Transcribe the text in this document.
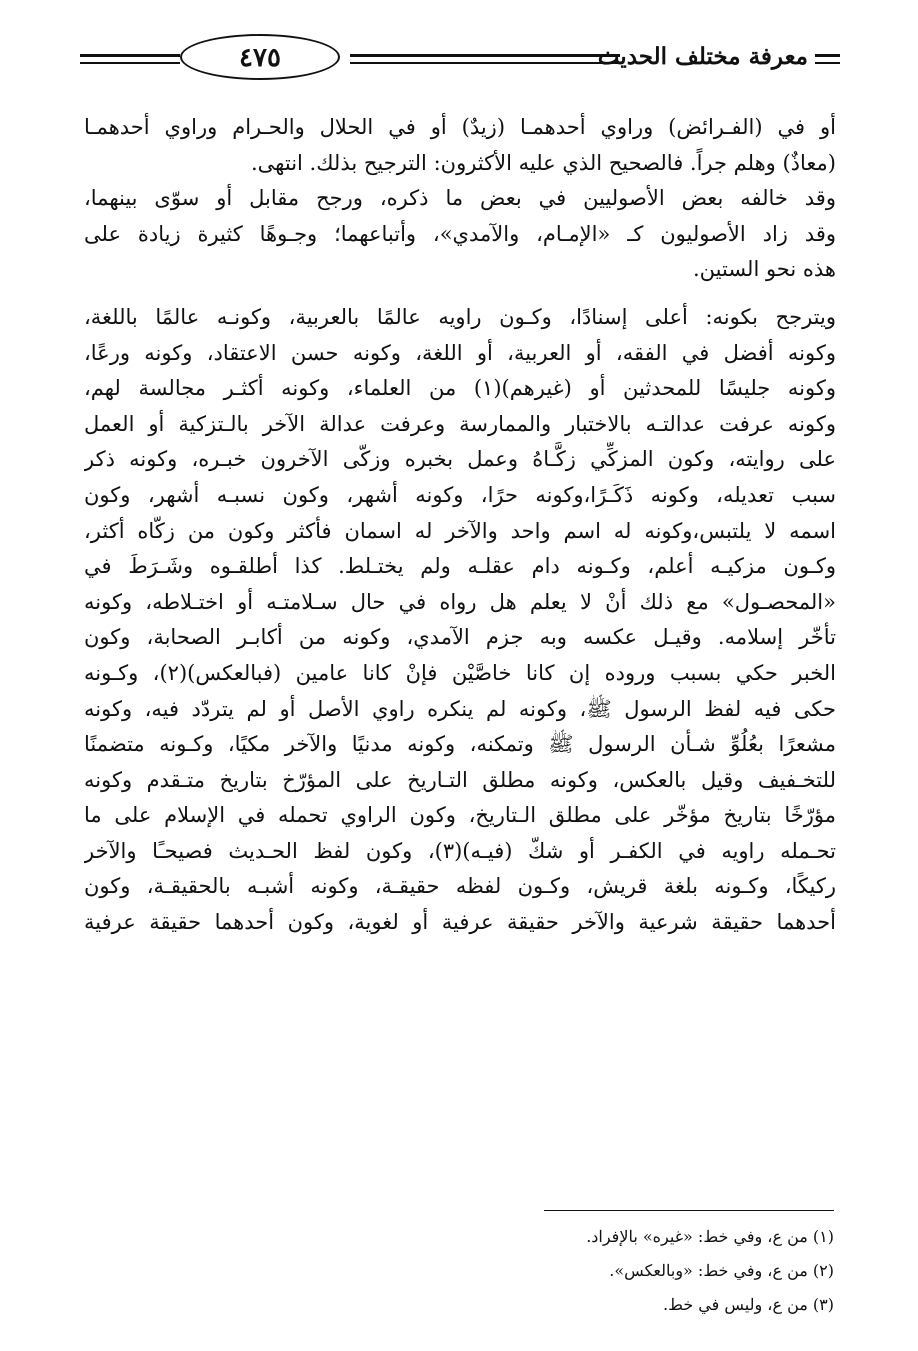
٤٧٥	معرفة مختلف الحديث
أو في (الفـرائض) وراوي أحدهمـا (زيدٌ) أو في الحلال والحـرام وراوي أحدهمـا
(معاذٌ) وهلم جراً. فالصحيح الذي عليه الأكثرون: الترجيح بذلك. انتهى.
وقد خالفه بعض الأصوليين في بعض ما ذكره، ورجح مقابل أو سوّى بينهما،
وقد زاد الأصوليون كـ «الإمـام، والآمدي»، وأتباعهما؛ وجـوهًا كثيرة زيادة على
هذه نحو الستين.
ويترجح بكونه: أعلى إسنادًا، وكـون راويه عالمًا بالعربية، وكونـه عالمًا باللغة،
وكونه أفضل في الفقه، أو العربية، أو اللغة، وكونه حسن الاعتقاد، وكونه ورعًا،
وكونه جليسًا للمحدثين أو (غيرهم)(١) من العلماء، وكونه أكثـر مجالسة لهم،
وكونه عرفت عدالتـه بالاختبار والممارسة وعرفت عدالة الآخر بالـتزكية أو العمل
على روايته، وكون المزكِّي زكَّـاهُ وعمل بخبره وزكّى الآخرون خبـره، وكونه ذكر
سبب تعديله، وكونه ذَكَـرًا،وكونه حرًا، وكونه أشهر، وكون نسبـه أشهر، وكون
اسمه لا يلتبس،وكونه له اسم واحد والآخر له اسمان فأكثر وكون من زكّاه أكثر،
وكـون مزكيـه أعلم، وكـونه دام عقلـه ولم يختـلط. كذا أطلقـوه وشَـرَطَ في
«المحصـول» مع ذلك أنْ لا يعلم هل رواه في حال سـلامتـه أو اختـلاطه، وكونه
تأخّر إسلامه. وقيـل عكسه وبه جزم الآمدي، وكونه من أكابـر الصحابة، وكون
الخبر حكي بسبب وروده إن كانا خاصَّيْن فإنْ كانا عامين (فبالعكس)(٢)، وكـونه
حكى فيه لفظ الرسول ﷺ، وكونه لم ينكره راوي الأصل أو لم يتردّد فيه، وكونه
مشعرًا بعُلُوِّ شـأن الرسول ﷺ وتمكنه، وكونه مدنيًا والآخر مكيًا، وكـونه متضمنًا
للتخـفيف وقيل بالعكس، وكونه مطلق التـاريخ على المؤرّخ بتاريخ متـقدم وكونه
مؤرّخًا بتاريخ مؤخّر على مطلق الـتاريخ، وكون الراوي تحمله في الإسلام على ما
تحـمله راويه في الكفـر أو شكّ (فيـه)(٣)، وكون لفظ الحـديث فصيحـًا والآخر
ركيكًا، وكـونه بلغة قريش، وكـون لفظه حقيقـة، وكونه أشبـه بالحقيقـة، وكون
أحدهما حقيقة شرعية والآخر حقيقة عرفية أو لغوية، وكون أحدهما حقيقة عرفية
(١) من ع، وفي خط: «غيره» بالإفراد.
(٢) من ع، وفي خط: «وبالعكس».
(٣) من ع، وليس في خط.
